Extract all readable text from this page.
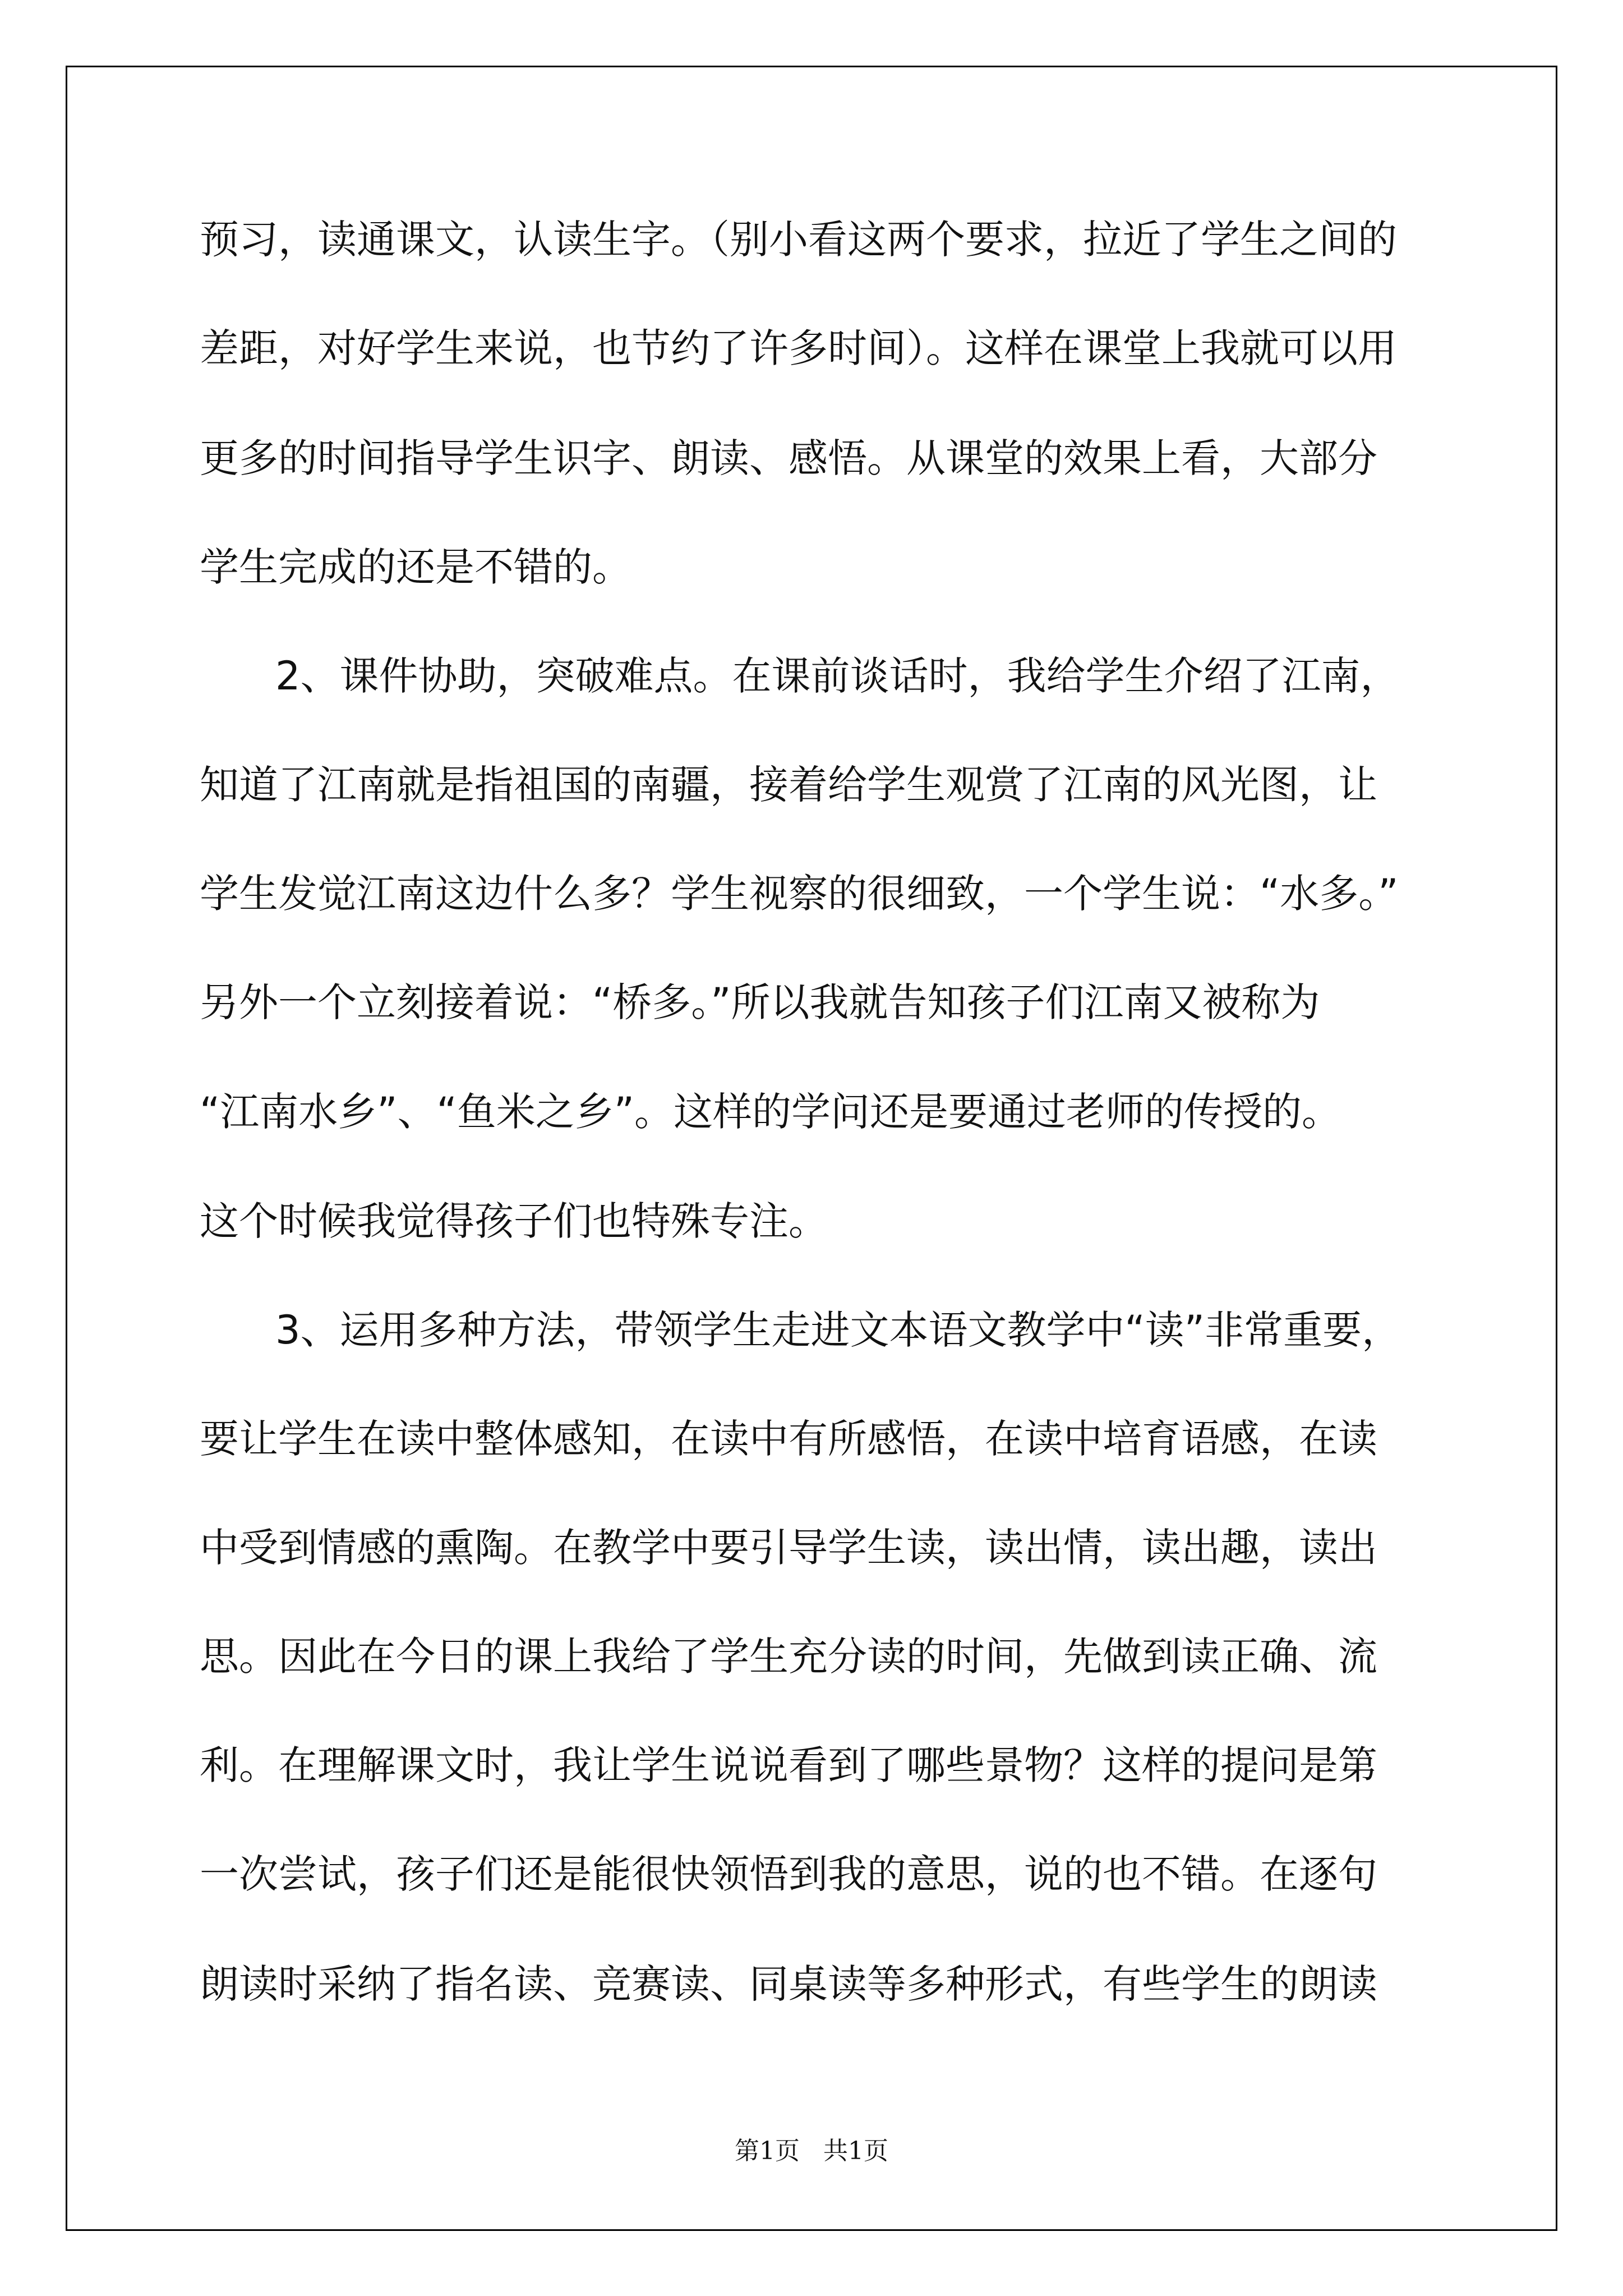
预习，读通课文，认读生字。（别小看这两个要求，拉近了学生之间的
差距，对好学生来说，也节约了许多时间）。这样在课堂上我就可以用
更多的时间指导学生识字、朗读、感悟。从课堂的效果上看，大部分
学生完成的还是不错的。
2、课件协助，突破难点。在课前谈话时，我给学生介绍了江南，
知道了江南就是指祖国的南疆，接着给学生观赏了江南的风光图，让
学生发觉江南这边什么多？学生视察的很细致，一个学生说：“水多。”
另外一个立刻接着说：“桥多。”所以我就告知孩子们江南又被称为
“江南水乡”、“鱼米之乡”。这样的学问还是要通过老师的传授的。
这个时候我觉得孩子们也特殊专注。
3、运用多种方法，带领学生走进文本语文教学中“读”非常重要，
要让学生在读中整体感知，在读中有所感悟，在读中培育语感，在读
中受到情感的熏陶。在教学中要引导学生读，读出情，读出趣，读出
思。因此在今日的课上我给了学生充分读的时间，先做到读正确、流
利。在理解课文时，我让学生说说看到了哪些景物？这样的提问是第
一次尝试，孩子们还是能很快领悟到我的意思，说的也不错。在逐句
朗读时采纳了指名读、竞赛读、同桌读等多种形式，有些学生的朗读
第1页   共1页
